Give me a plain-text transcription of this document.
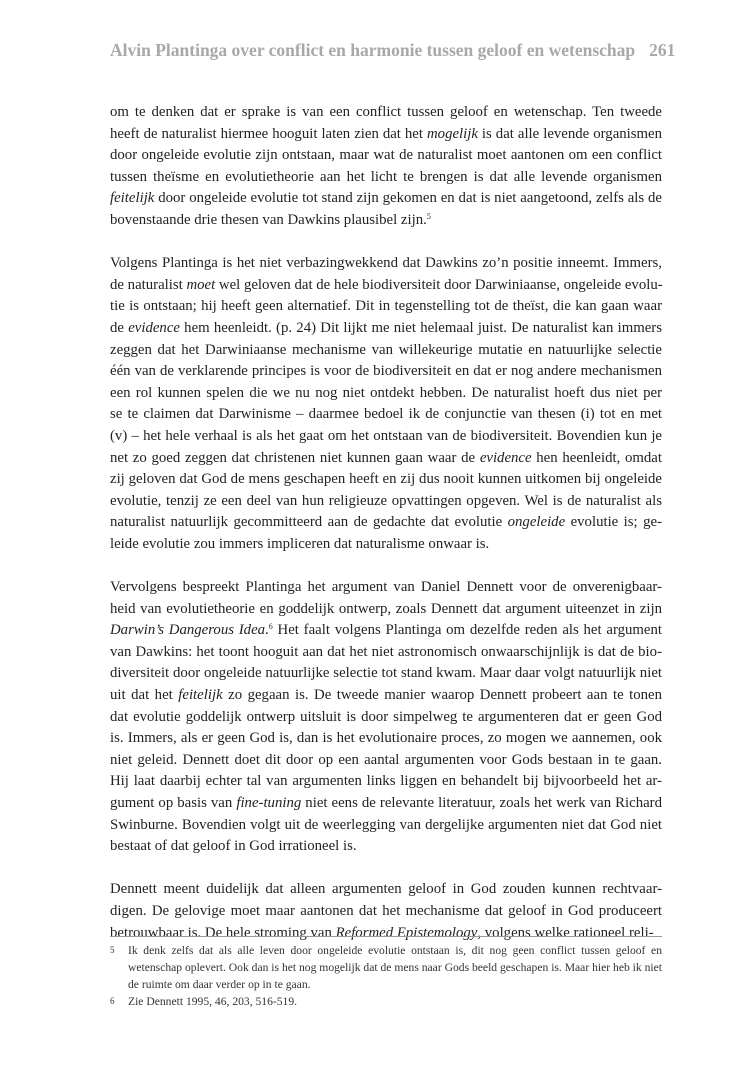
Alvin Plantinga over conflict en harmonie tussen geloof en wetenschap 261

om te denken dat er sprake is van een conflict tussen geloof en wetenschap. Ten tweede
heeft de naturalist hiermee hooguit laten zien dat het mogelijk is dat alle levende organismen
door ongeleide evolutie zijn ontstaan, maar wat de naturalist moet aantonen om een conflict
tussen theïsme en evolutietheorie aan het licht te brengen is dat alle levende organismen
feitelijk door ongeleide evolutie tot stand zijn gekomen en dat is niet aangetoond, zelfs als de
bovenstaande drie thesen van Dawkins plausibel zijn.$^5$

Volgens Plantinga is het niet verbazingwekkend dat Dawkins zo’n positie inneemt. Immers,
de naturalist moet wel geloven dat de hele biodiversiteit door Darwiniaanse, ongeleide evolu-
tie is ontstaan; hij heeft geen alternatief. Dit in tegenstelling tot de theïst, die kan gaan waar
de evidence hem heenleidt. (p. 24) Dit lijkt me niet helemaal juist. De naturalist kan immers
zeggen dat het Darwiniaanse mechanisme van willekeurige mutatie en natuurlijke selectie
één van de verklarende principes is voor de biodiversiteit en dat er nog andere mechanismen
een rol kunnen spelen die we nu nog niet ontdekt hebben. De naturalist hoeft dus niet per
se te claimen dat Darwinisme – daarmee bedoel ik de conjunctie van thesen (i) tot en met
(v) – het hele verhaal is als het gaat om het ontstaan van de biodiversiteit. Bovendien kun je
net zo goed zeggen dat christenen niet kunnen gaan waar de evidence hen heenleidt, omdat
zij geloven dat God de mens geschapen heeft en zij dus nooit kunnen uitkomen bij ongeleide
evolutie, tenzij ze een deel van hun religieuze opvattingen opgeven. Wel is de naturalist als
naturalist natuurlijk gecommitteerd aan de gedachte dat evolutie ongeleide evolutie is; ge-
leide evolutie zou immers impliceren dat naturalisme onwaar is.

Vervolgens bespreekt Plantinga het argument van Daniel Dennett voor de onverenigbaar-
heid van evolutietheorie en goddelijk ontwerp, zoals Dennett dat argument uiteenzet in zijn
Darwin’s Dangerous Idea.$^6$ Het faalt volgens Plantinga om dezelfde reden als het argument
van Dawkins: het toont hooguit aan dat het niet astronomisch onwaarschijnlijk is dat de bio-
diversiteit door ongeleide natuurlijke selectie tot stand kwam. Maar daar volgt natuurlijk niet
uit dat het feitelijk zo gegaan is. De tweede manier waarop Dennett probeert aan te tonen
dat evolutie goddelijk ontwerp uitsluit is door simpelweg te argumenteren dat er geen God
is. Immers, als er geen God is, dan is het evolutionaire proces, zo mogen we aannemen, ook
niet geleid. Dennett doet dit door op een aantal argumenten voor Gods bestaan in te gaan.
Hij laat daarbij echter tal van argumenten links liggen en behandelt bij bijvoorbeeld het ar-
gument op basis van fine-tuning niet eens de relevante literatuur, zoals het werk van Richard
Swinburne. Bovendien volgt uit de weerlegging van dergelijke argumenten niet dat God niet
bestaat of dat geloof in God irrationeel is.

Dennett meent duidelijk dat alleen argumenten geloof in God zouden kunnen rechtvaar-
digen. De gelovige moet maar aantonen dat het mechanisme dat geloof in God produceert
betrouwbaar is. De hele stroming van Reformed Epistemology, volgens welke rationeel reli-

5	Ik denk zelfs dat als alle leven door ongeleide evolutie ontstaan is, dit nog geen conflict tussen geloof en wetenschap oplevert. Ook dan is het nog mogelijk dat de mens naar Gods beeld geschapen is. Maar hier heb ik niet de ruimte om daar verder op in te gaan.
6	Zie Dennett 1995, 46, 203, 516-519.
